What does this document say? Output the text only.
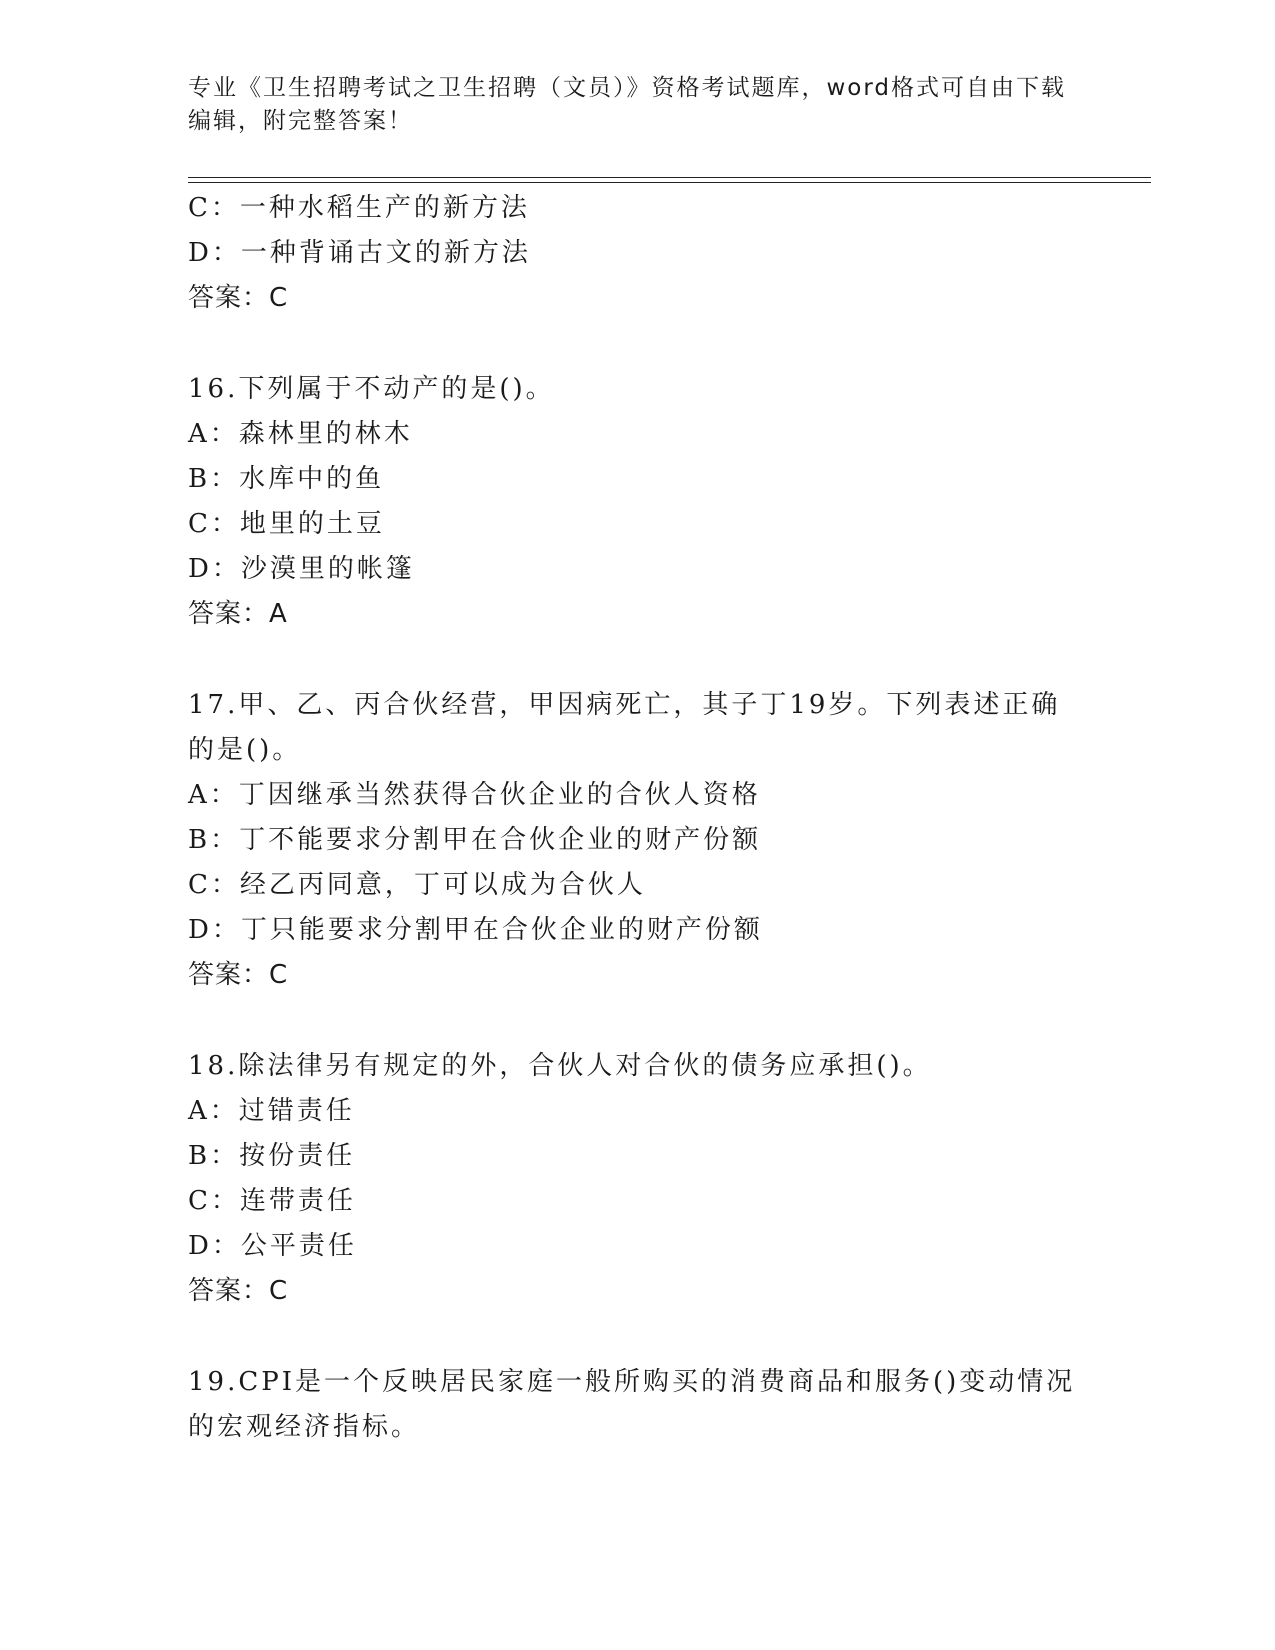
专业《卫生招聘考试之卫生招聘（文员）》资格考试题库，word格式可自由下载
编辑，附完整答案！
C：一种水稻生产的新方法
D：一种背诵古文的新方法
答案：C
16.下列属于不动产的是()。
A：森林里的林木
B：水库中的鱼
C：地里的土豆
D：沙漠里的帐篷
答案：A
17.甲、乙、丙合伙经营，甲因病死亡，其子丁19岁。下列表述正确
的是()。
A：丁因继承当然获得合伙企业的合伙人资格
B：丁不能要求分割甲在合伙企业的财产份额
C：经乙丙同意，丁可以成为合伙人
D：丁只能要求分割甲在合伙企业的财产份额
答案：C
18.除法律另有规定的外，合伙人对合伙的债务应承担()。
A：过错责任
B：按份责任
C：连带责任
D：公平责任
答案：C
19.CPI是一个反映居民家庭一般所购买的消费商品和服务()变动情况
的宏观经济指标。
